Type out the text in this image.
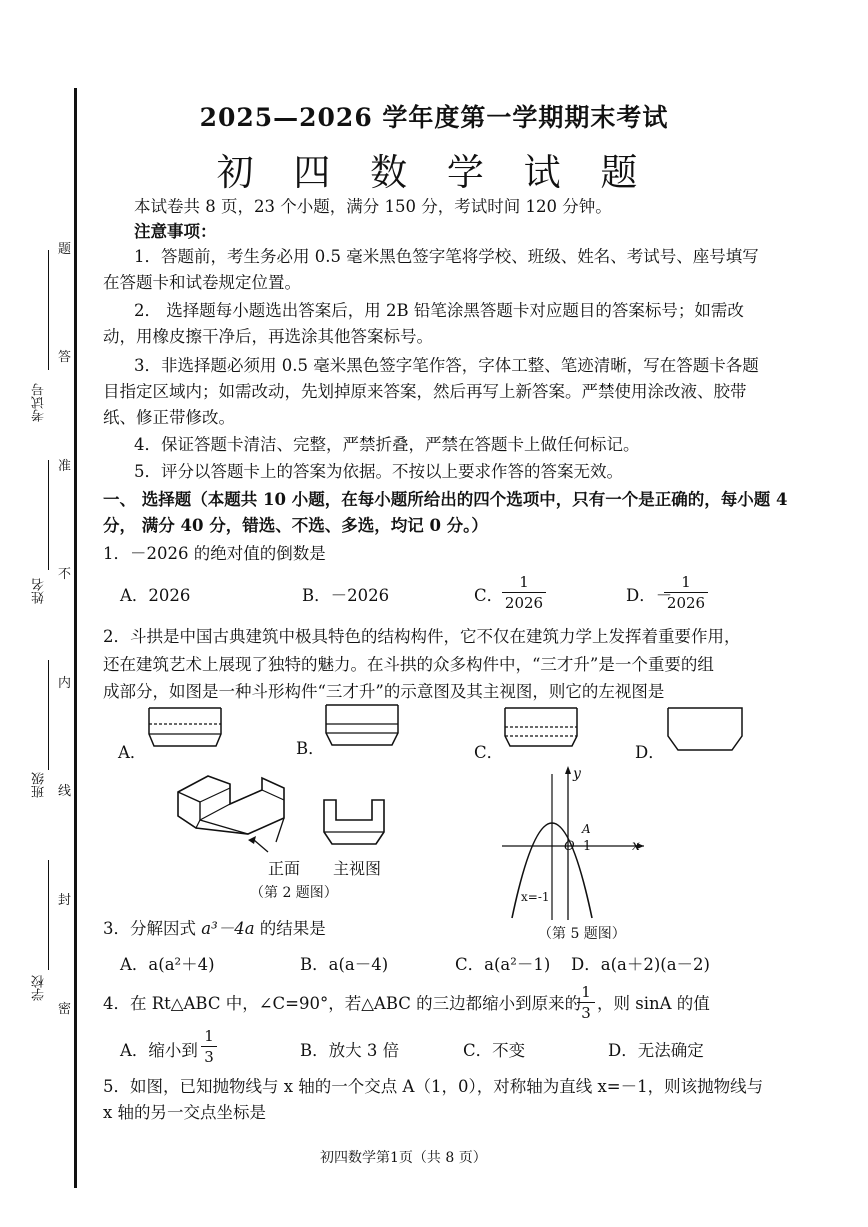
考试号
姓名
班级
学校
题
答
准
不
内
线
封
密
2025—2026 学年度第一学期期末考试
初 四 数 学 试 题
本试卷共 8 页，23 个小题，满分 150 分，考试时间 120 分钟。
注意事项：
1．答题前，考生务必用 0.5 毫米黑色签字笔将学校、班级、姓名、考试号、座号填写
在答题卡和试卷规定位置。
2． 选择题每小题选出答案后，用 2B 铅笔涂黑答题卡对应题目的答案标号；如需改
动，用橡皮擦干净后，再选涂其他答案标号。
3．非选择题必须用 0.5 毫米黑色签字笔作答，字体工整、笔迹清晰，写在答题卡各题
目指定区域内；如需改动，先划掉原来答案，然后再写上新答案。严禁使用涂改液、胶带
纸、修正带修改。
4．保证答题卡清洁、完整，严禁折叠，严禁在答题卡上做任何标记。
5．评分以答题卡上的答案为依据。不按以上要求作答的答案无效。
一、 选择题（本题共 10 小题，在每小题所给出的四个选项中，只有一个是正确的，每小题 4
分， 满分 40 分，错选、不选、多选，均记 0 分。）
1．－2026 的绝对值的倒数是
A．2026	B．－2026	C．
1
2026	D．－
1
2026
2．斗拱是中国古典建筑中极具特色的结构构件，它不仅在建筑力学上发挥着重要作用，
还在建筑艺术上展现了独特的魅力。在斗拱的众多构件中，“三才升”是一个重要的组
成部分，如图是一种斗形构件“三才升”的示意图及其主视图，则它的左视图是
A．	B．	C．	D．
正面 主视图
（第 2 题图）
y
x
A
O 1
x=-1
（第 5 题图）
3．分解因式 a³－4a 的结果是
A．a(a²＋4)	B．a(a－4)	C．a(a²－1) D．a(a＋2)(a－2)
4．在 Rt△ABC 中，∠C=90°，若△ABC 的三边都缩小到原来的
1
3 ，则 sinA 的值
A．缩小到
1
3	B．放大 3 倍	C．不变	D．无法确定
5．如图，已知抛物线与 x 轴的一个交点 A（1，0），对称轴为直线 x=－1，则该抛物线与
x 轴的另一交点坐标是
初四数学第1页（共 8 页）
